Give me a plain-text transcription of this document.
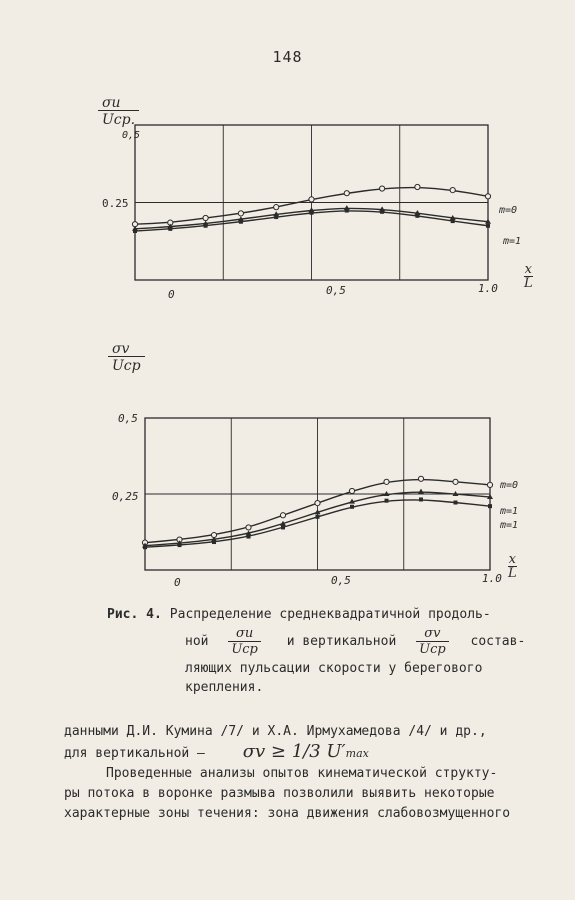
148
σu
Uср.
0,5
0.25
0	0,5	$1.0 \frac{x}{L}$
m=0
m=1
σv
Uср
0,5
0,25
0	0,5	$1.0 \frac{x}{L}$
m=0
m=1
m=1
Рис. 4. Распределение среднеквадратичной продоль-
ной $\frac{\sigma u}{\text{Uср}}$ и вертикальной $\frac{\sigma v}{\text{Uср}}$ состав-
ляющих пульсации скорости у берегового
крепления.
данными Д.И. Кумина /7/ и Х.А. Ирмухамедова /4/ и др.,
для вертикальной – σv ≥ 1/3 U′max
Проведенные анализы опытов кинематической структу-
ры потока в воронке размыва позволили выявить некоторые
характерные зоны течения: зона движения слабовозмущенного
